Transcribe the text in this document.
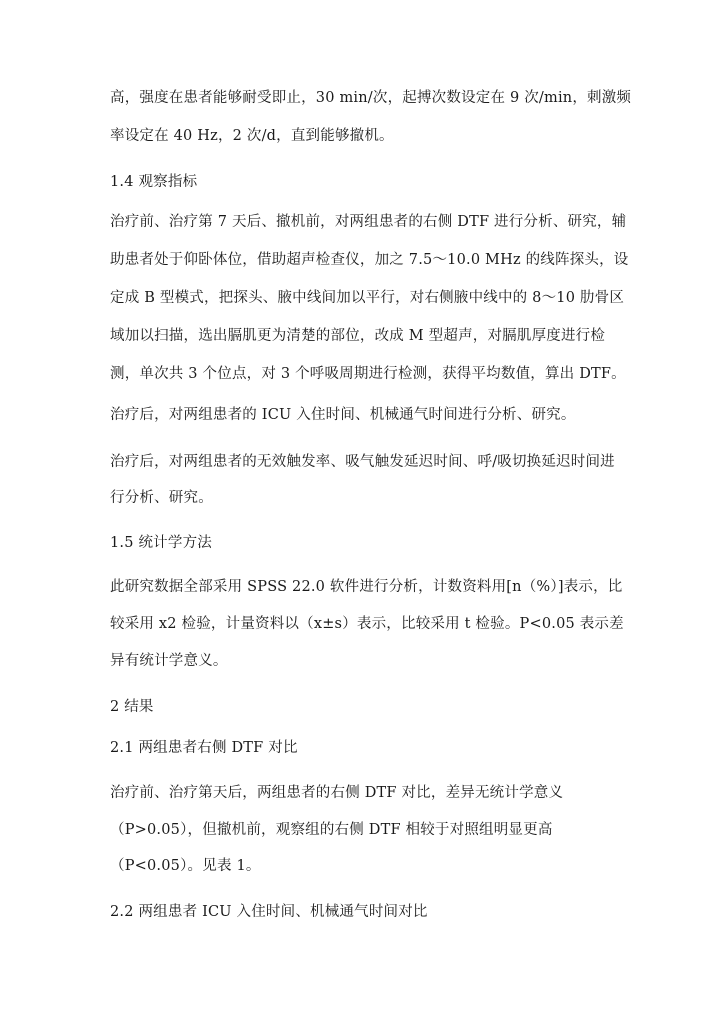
高，强度在患者能够耐受即止，30 min/次，起搏次数设定在 9 次/min，刺激频
率设定在 40 Hz，2 次/d，直到能够撤机。
1.4 观察指标
治疗前、治疗第 7 天后、撤机前，对两组患者的右侧 DTF 进行分析、研究，辅
助患者处于仰卧体位，借助超声检查仪，加之 7.5～10.0 MHz 的线阵探头，设
定成 B 型模式，把探头、腋中线间加以平行，对右侧腋中线中的 8～10 肋骨区
域加以扫描，选出膈肌更为清楚的部位，改成 M 型超声，对膈肌厚度进行检
测，单次共 3 个位点，对 3 个呼吸周期进行检测，获得平均数值，算出 DTF。
治疗后，对两组患者的 ICU 入住时间、机械通气时间进行分析、研究。
治疗后，对两组患者的无效触发率、吸气触发延迟时间、呼/吸切换延迟时间进
行分析、研究。
1.5 统计学方法
此研究数据全部采用 SPSS 22.0 软件进行分析，计数资料用[n（%）]表示，比
较采用 x2 检验，计量资料以（x±s）表示，比较采用 t 检验。P<0.05 表示差
异有统计学意义。
2 结果
2.1 两组患者右侧 DTF 对比
治疗前、治疗第天后，两组患者的右侧 DTF 对比，差异无统计学意义
（P>0.05），但撤机前，观察组的右侧 DTF 相较于对照组明显更高
（P<0.05）。见表 1。
2.2 两组患者 ICU 入住时间、机械通气时间对比
